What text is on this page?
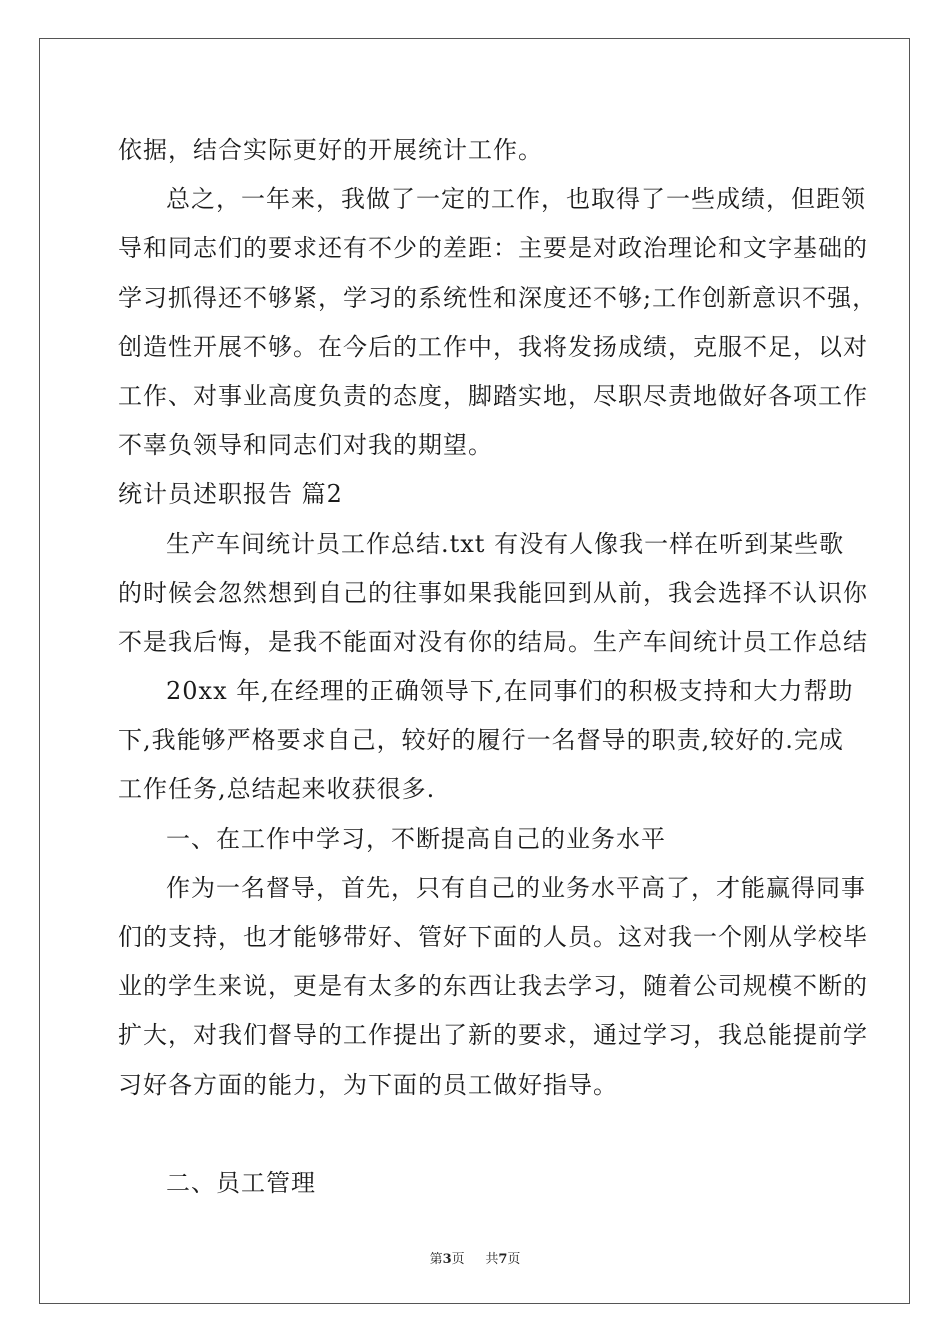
依据，结合实际更好的开展统计工作。
总之，一年来，我做了一定的工作，也取得了一些成绩，但距领
导和同志们的要求还有不少的差距：主要是对政治理论和文字基础的
学习抓得还不够紧，学习的系统性和深度还不够;工作创新意识不强，
创造性开展不够。在今后的工作中，我将发扬成绩，克服不足，以对
工作、对事业高度负责的态度，脚踏实地，尽职尽责地做好各项工作
不辜负领导和同志们对我的期望。
统计员述职报告 篇2
生产车间统计员工作总结.txt 有没有人像我一样在听到某些歌
的时候会忽然想到自己的往事如果我能回到从前，我会选择不认识你
不是我后悔，是我不能面对没有你的结局。生产车间统计员工作总结
20xx 年,在经理的正确领导下,在同事们的积极支持和大力帮助
下,我能够严格要求自己，较好的履行一名督导的职责,较好的.完成
工作任务,总结起来收获很多.
一、在工作中学习，不断提高自己的业务水平
作为一名督导，首先，只有自己的业务水平高了，才能赢得同事
们的支持，也才能够带好、管好下面的人员。这对我一个刚从学校毕
业的学生来说，更是有太多的东西让我去学习，随着公司规模不断的
扩大，对我们督导的工作提出了新的要求，通过学习，我总能提前学
习好各方面的能力，为下面的员工做好指导。
二、员工管理
第3页 共7页
